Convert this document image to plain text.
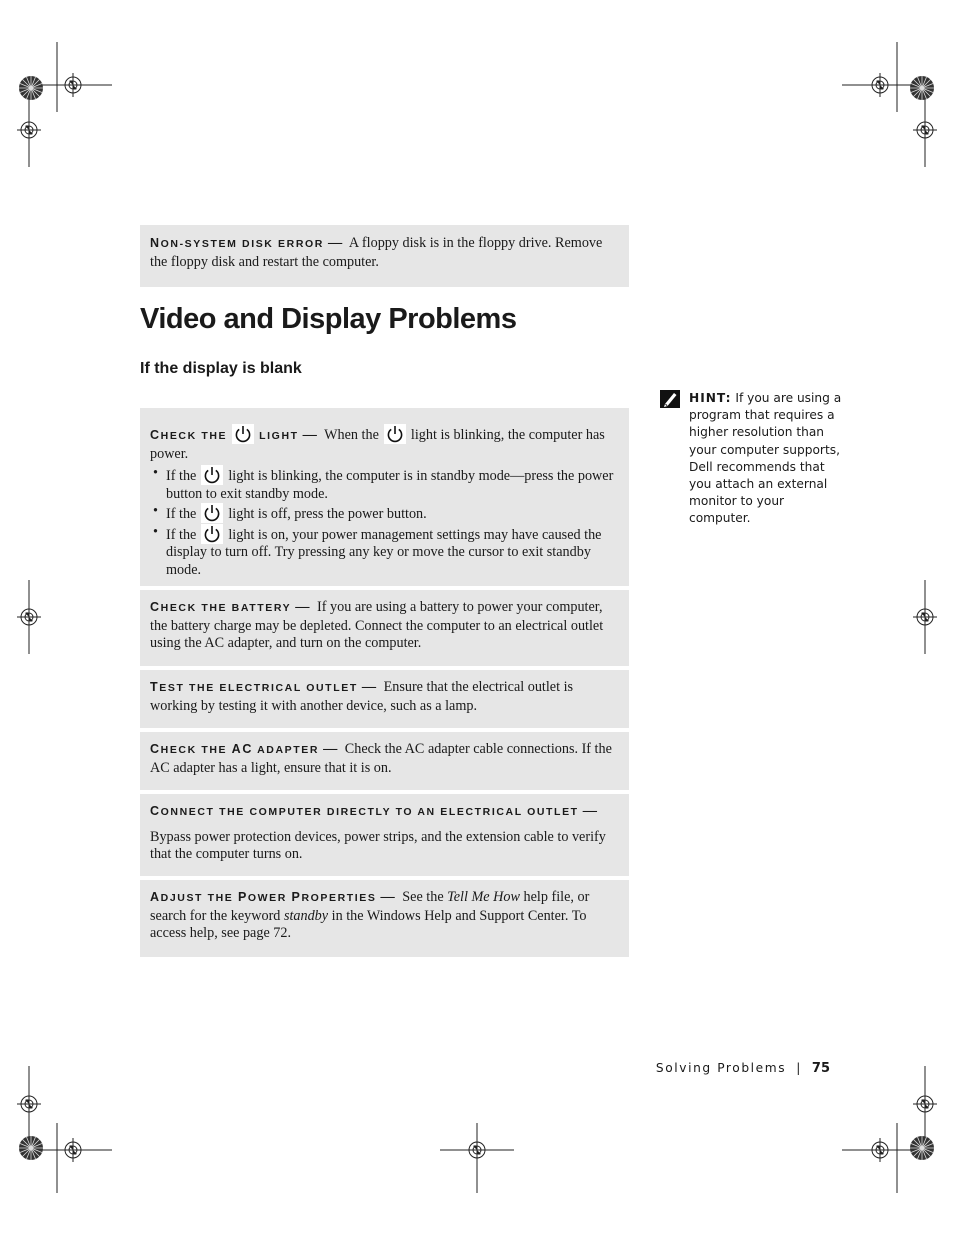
NON-SYSTEM DISK ERROR — A floppy disk is in the floppy drive. Remove the floppy disk and restart the computer.
Video and Display Problems
If the display is blank
CHECK THE	LIGHT — When the light is blinking, the computer has power.
• If the light is blinking, the computer is in standby mode—press the power button to exit standby mode.
• If the light is off, press the power button.
• If the light is on, your power management settings may have caused the display to turn off. Try pressing any key or move the cursor to exit standby mode.
CHECK THE BATTERY — If you are using a battery to power your computer, the battery charge may be depleted. Connect the computer to an electrical outlet using the AC adapter, and turn on the computer.
TEST THE ELECTRICAL OUTLET — Ensure that the electrical outlet is working by testing it with another device, such as a lamp.
CHECK THE AC ADAPTER — Check the AC adapter cable connections. If the AC adapter has a light, ensure that it is on.
CONNECT THE COMPUTER DIRECTLY TO AN ELECTRICAL OUTLET —
Bypass power protection devices, power strips, and the extension cable to verify that the computer turns on.
ADJUST THE POWER PROPERTIES — See the Tell Me How help file, or search for the keyword standby in the Windows Help and Support Center. To access help, see page 72.
HINT: If you are using a program that requires a higher resolution than your computer supports, Dell recommends that you attach an external monitor to your computer.
Solving Problems | 75
